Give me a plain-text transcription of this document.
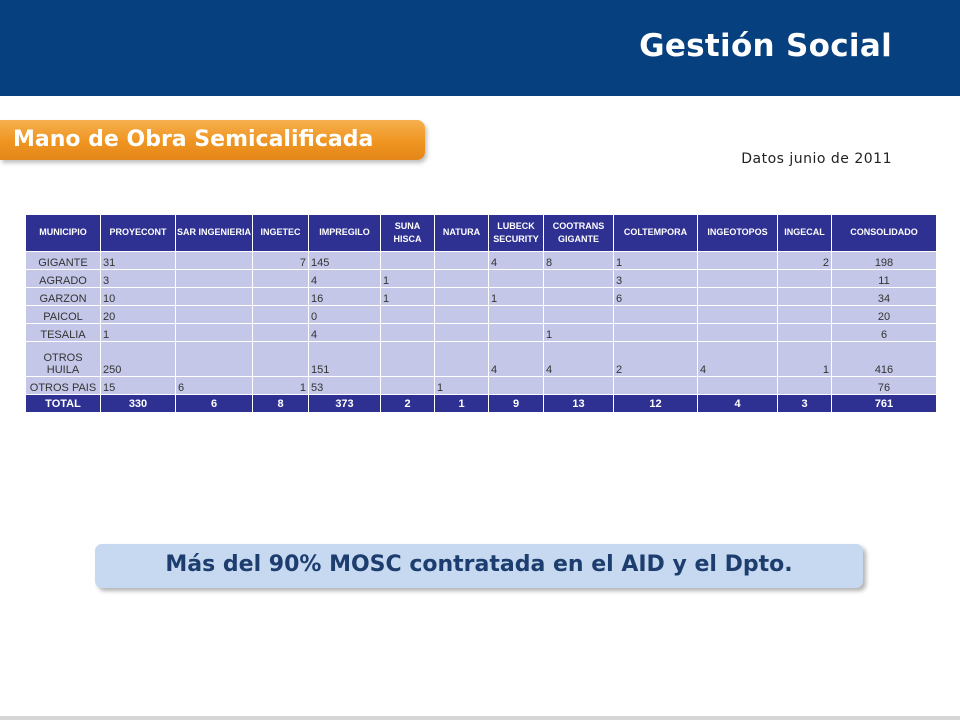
Gestión Social
Mano de Obra Semicalificada
Datos junio de 2011
MUNICIPIO	PROYECONT	SAR INGENIERIA	INGETEC	IMPREGILO	SUNA HISCA	NATURA	LUBECK SECURITY	COOTRANS GIGANTE	COLTEMPORA	INGEOTOPOS	INGECAL	CONSOLIDADO
GIGANTE	31		7	145			4	8	1		2	198
AGRADO	3			4	1				3			11
GARZON	10			16	1		1		6			34
PAICOL	20			0								20
TESALIA	1			4				1				6
OTROS HUILA	250			151			4	4	2	4	1	416
OTROS PAIS	15	6	1	53		1						76
TOTAL	330	6	8	373	2	1	9	13	12	4	3	761
Más del 90% MOSC contratada en el AID y el Dpto.
